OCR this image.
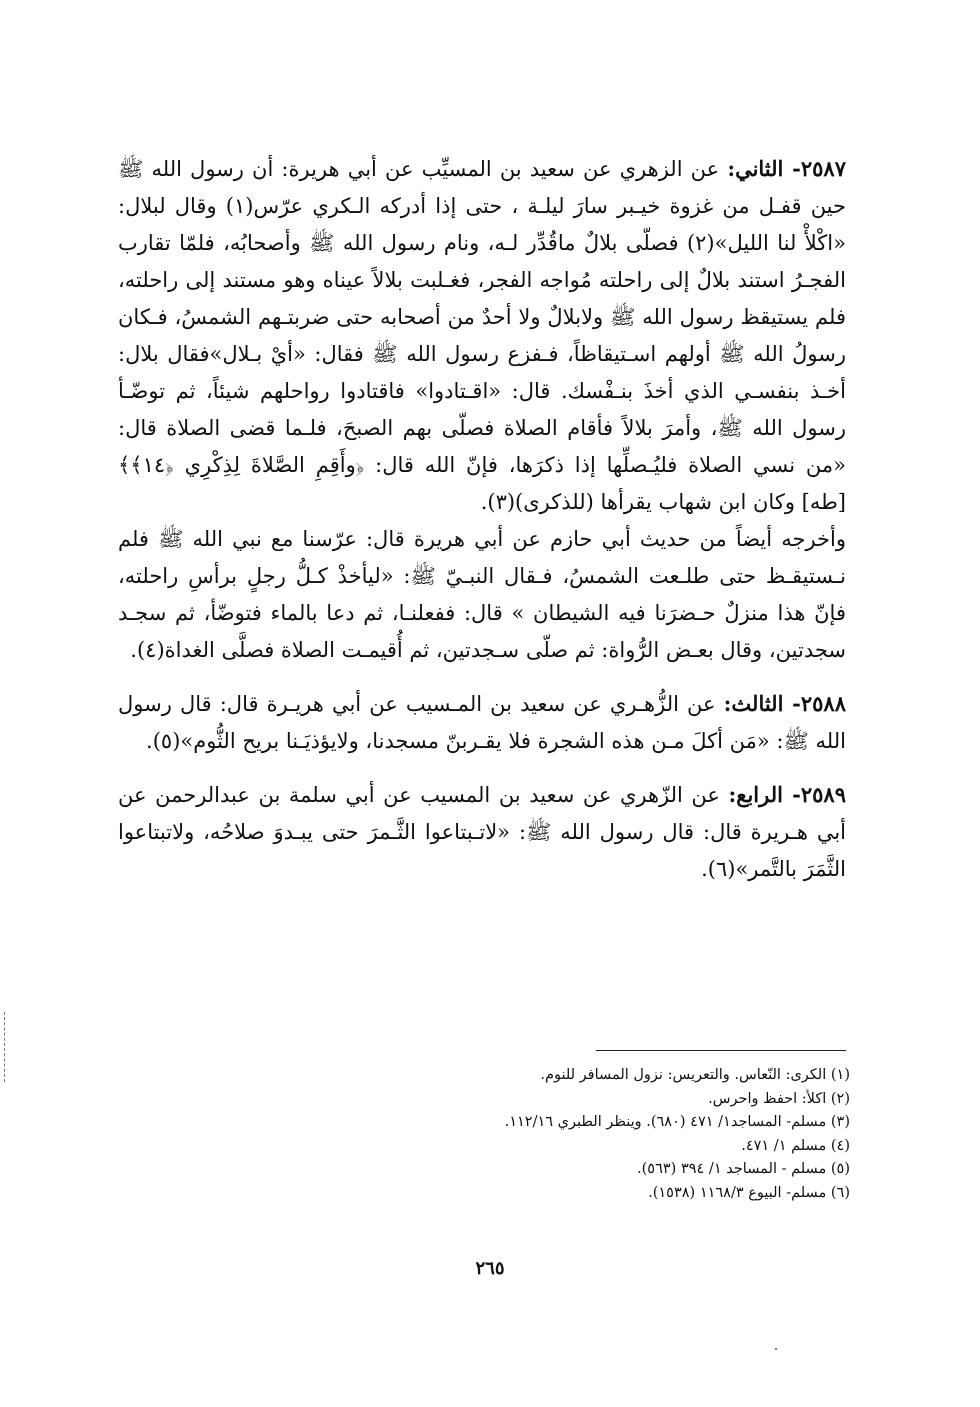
٢٥٨٧- الثاني: عن الزهري عن سعيد بن المسيِّب عن أبي هريرة: أن رسول الله ﷺ حين قفـل من غزوة خيـبر سارَ ليلـة ، حتى إذا أدركه الـكري عرّس(١) وقال لبلال: «اكْلأْ لنا الليل»(٢) فصلّى بلالٌ ماقُدِّر لـه، ونام رسول الله ﷺ وأصحابُه، فلمّا تقارب الفجـرُ استند بلالٌ إلى راحلته مُواجه الفجر، فغـلبت بلالاً عيناه وهو مستند إلى راحلته، فلم يستيقظ رسول الله ﷺ ولابلالٌ ولا أحدٌ من أصحابه حتى ضربتـهم الشمسُ، فـكان رسولُ الله ﷺ أولهم اسـتيقاظاً، فـفزع رسول الله ﷺ فقال: «أيْ بـلال»فقال بلال: أخـذ بنفسـي الذي أخذَ بنـفْسك. قال: «اقـتادوا» فاقتادوا رواحلهم شيئاً، ثم توضّـأ رسول الله ﷺ، وأمرَ بلالاً فأقام الصلاة فصلّى بهم الصبحَ، فلـما قضى الصلاة قال: «من نسي الصلاة فليُـصلِّها إذا ذكرَها، فإنّ الله قال: ﴿وأَقِمِ الصَّلاةَ لِذِكْرِي ﴿١٤﴾﴾ [طه] وكان ابن شهاب يقرأها (للذكرى)(٣).

وأخرجه أيضاً من حديث أبي حازم عن أبي هريرة قال: عرّسنا مع نبي الله ﷺ فلم نـستيقـظ حتى طلـعت الشمسُ، فـقال النبـيّ ﷺ: «ليأخذْ كـلُّ رجلٍ برأسِ راحلته، فإنّ هذا منزلٌ حـضرَنا فيه الشيطان » قال: ففعلنـا، ثم دعا بالماء فتوضّأ، ثم سجـد سجدتين، وقال بعـض الرُّواة: ثم صلّى سـجدتين، ثم أُقيمـت الصلاة فصلَّى الغداة(٤).

٢٥٨٨- الثالث: عن الزُّهـري عن سعيد بن المـسيب عن أبي هريـرة قال: قال رسول الله ﷺ: «مَن أكلَ مـن هذه الشجرة فلا يقـربنّ مسجدنا، ولايؤذيَـنا بريح الثُّوم»(٥).

٢٥٨٩- الرابع: عن الزّهري عن سعيد بن المسيب عن أبي سلمة بن عبدالرحمن عن أبي هـريرة قال: قال رسول الله ﷺ: «لاتـبتاعوا الثَّـمرَ حتى يبـدوَ صلاحُه، ولاتبتاعوا الثَّمَرَ بالتَّمر»(٦).

(١) الكرى: النّعاس. والتعريس: نزول المسافر للنوم.
(٢) اكلأ: احفظ واحرس.
(٣) مسلم- المساجد١/ ٤٧١ (٦٨٠). وينظر الطبري ١١٢/١٦.
(٤) مسلم ١/ ٤٧١.
(٥) مسلم - المساجد ١/ ٣٩٤ (٥٦٣).
(٦) مسلم- البيوع ١١٦٨/٣ (١٥٣٨).
٢٦٥
